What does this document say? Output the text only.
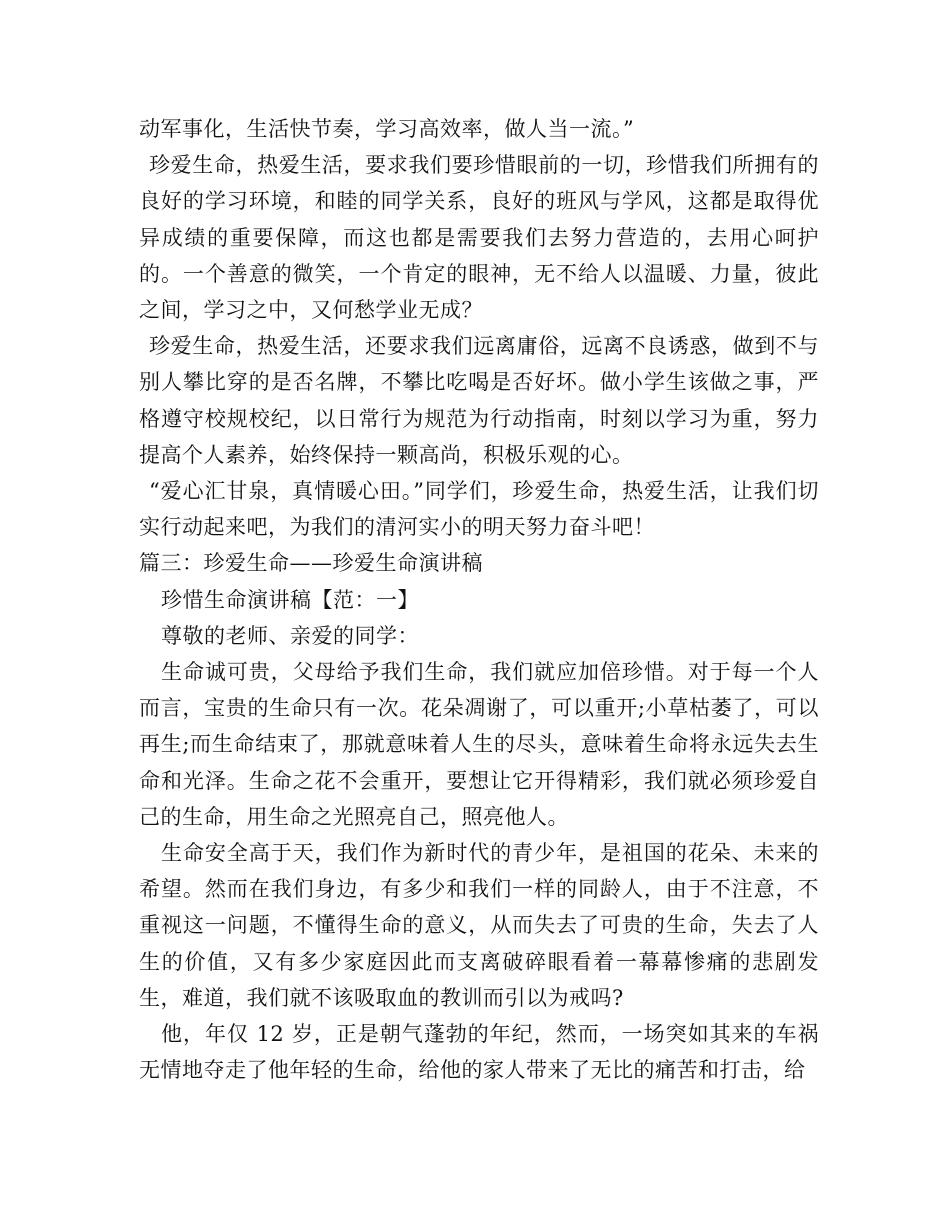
动军事化，生活快节奏，学习高效率，做人当一流。”

珍爱生命，热爱生活，要求我们要珍惜眼前的一切，珍惜我们所拥有的良好的学习环境，和睦的同学关系，良好的班风与学风，这都是取得优异成绩的重要保障，而这也都是需要我们去努力营造的，去用心呵护的。一个善意的微笑，一个肯定的眼神，无不给人以温暖、力量，彼此之间，学习之中，又何愁学业无成？

珍爱生命，热爱生活，还要求我们远离庸俗，远离不良诱惑，做到不与别人攀比穿的是否名牌，不攀比吃喝是否好坏。做小学生该做之事，严格遵守校规校纪，以日常行为规范为行动指南，时刻以学习为重，努力提高个人素养，始终保持一颗高尚，积极乐观的心。

“爱心汇甘泉，真情暖心田。”同学们，珍爱生命，热爱生活，让我们切实行动起来吧，为我们的清河实小的明天努力奋斗吧！

篇三：珍爱生命——珍爱生命演讲稿

珍惜生命演讲稿【范：一】

尊敬的老师、亲爱的同学：

生命诚可贵，父母给予我们生命，我们就应加倍珍惜。对于每一个人而言，宝贵的生命只有一次。花朵凋谢了，可以重开;小草枯萎了，可以再生;而生命结束了，那就意味着人生的尽头，意味着生命将永远失去生命和光泽。生命之花不会重开，要想让它开得精彩，我们就必须珍爱自己的生命，用生命之光照亮自己，照亮他人。

生命安全高于天，我们作为新时代的青少年，是祖国的花朵、未来的希望。然而在我们身边，有多少和我们一样的同龄人，由于不注意，不重视这一问题，不懂得生命的意义，从而失去了可贵的生命，失去了人生的价值，又有多少家庭因此而支离破碎眼看着一幕幕惨痛的悲剧发生，难道，我们就不该吸取血的教训而引以为戒吗?

他，年仅 12 岁，正是朝气蓬勃的年纪，然而，一场突如其来的车祸无情地夺走了他年轻的生命，给他的家人带来了无比的痛苦和打击，给
